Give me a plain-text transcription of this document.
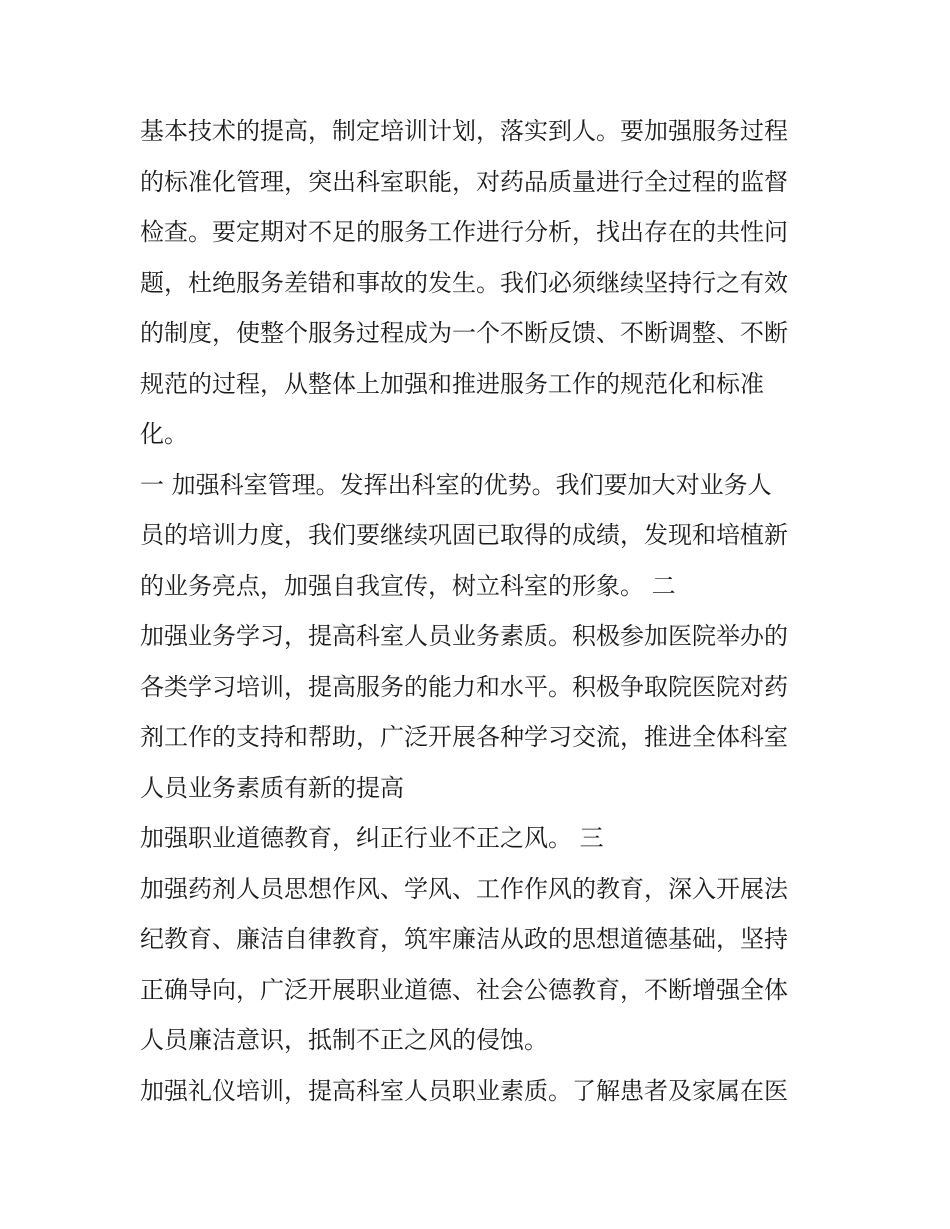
基本技术的提高，制定培训计划，落实到人。要加强服务过程
的标准化管理，突出科室职能，对药品质量进行全过程的监督
检查。要定期对不足的服务工作进行分析，找出存在的共性问
题，杜绝服务差错和事故的发生。我们必须继续坚持行之有效
的制度，使整个服务过程成为一个不断反馈、不断调整、不断
规范的过程，从整体上加强和推进服务工作的规范化和标准
化。
一 加强科室管理。发挥出科室的优势。我们要加大对业务人
员的培训力度，我们要继续巩固已取得的成绩，发现和培植新
的业务亮点，加强自我宣传，树立科室的形象。 二
加强业务学习，提高科室人员业务素质。积极参加医院举办的
各类学习培训，提高服务的能力和水平。积极争取院医院对药
剂工作的支持和帮助，广泛开展各种学习交流，推进全体科室
人员业务素质有新的提高
加强职业道德教育，纠正行业不正之风。 三
加强药剂人员思想作风、学风、工作作风的教育，深入开展法
纪教育、廉洁自律教育，筑牢廉洁从政的思想道德基础，坚持
正确导向，广泛开展职业道德、社会公德教育，不断增强全体
人员廉洁意识，抵制不正之风的侵蚀。
加强礼仪培训，提高科室人员职业素质。了解患者及家属在医
